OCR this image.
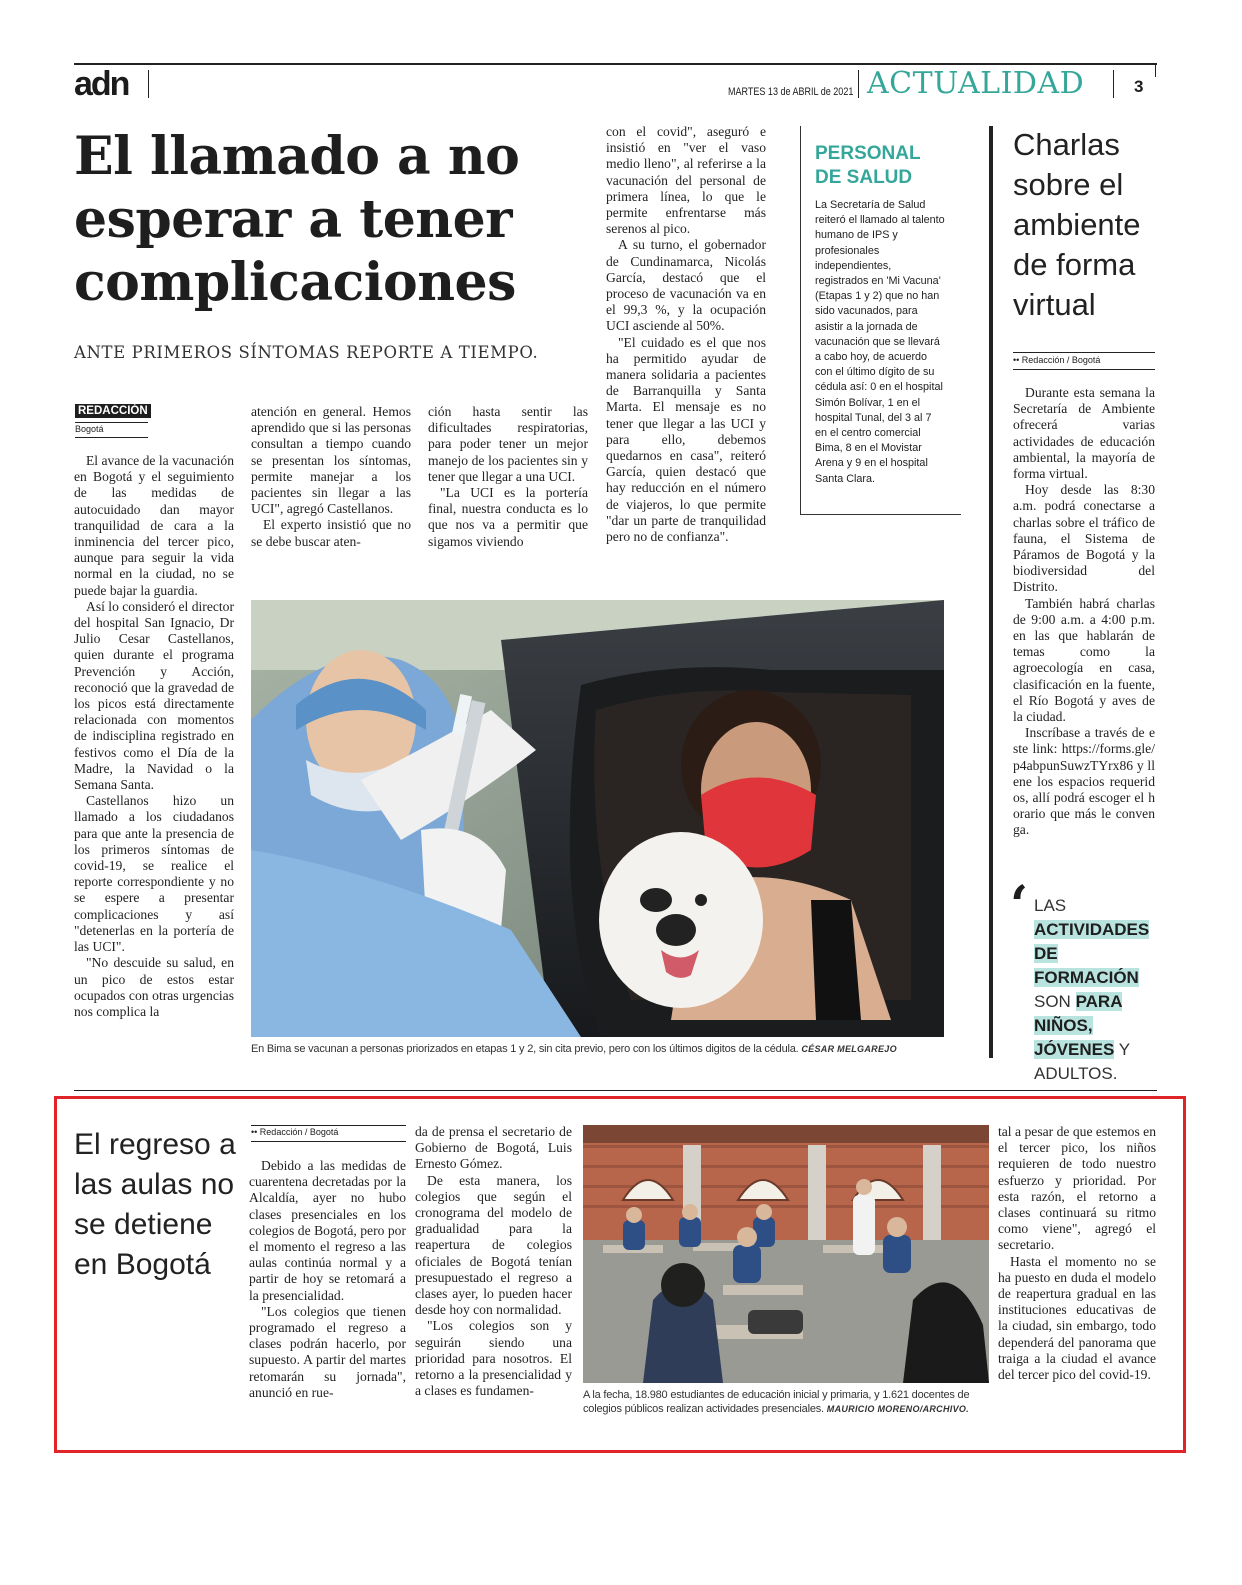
adn	MARTES 13 de ABRIL de 2021 ACTUALIDAD	3
El llamado a no esperar a tener complicaciones
ANTE PRIMEROS SÍNTOMAS REPORTE A TIEMPO.
REDACCIÓN
Bogotá

El avance de la vacunación en Bogotá y el seguimiento de las medidas de autocuidado dan mayor tranquilidad de cara a la inminencia del tercer pico, aunque para seguir la vida normal en la ciudad, no se puede bajar la guardia.

Así lo consideró el director del hospital San Ignacio, Dr Julio Cesar Castellanos, quien durante el programa Prevención y Acción, reconoció que la gravedad de los picos está directamente relacionada con momentos de indisciplina registrado en festivos como el Día de la Madre, la Navidad o la Semana Santa.

Castellanos hizo un llamado a los ciudadanos para que ante la presencia de los primeros síntomas de covid-19, se realice el reporte correspondiente y no se espere a presentar complicaciones y así "detenerlas en la portería de las UCI".

"No descuide su salud, en un pico de estos estar ocupados con otras urgencias nos complica la

atención en general. Hemos aprendido que si las personas consultan a tiempo cuando se presentan los síntomas, permite manejar a los pacientes sin llegar a las UCI", agregó Castellanos.

El experto insistió que no se debe buscar aten-

ción hasta sentir las dificultades respiratorias, para poder tener un mejor manejo de los pacientes sin y tener que llegar a una UCI.

"La UCI es la portería final, nuestra conducta es lo que nos va a permitir que sigamos viviendo

con el covid", aseguró e insistió en "ver el vaso medio lleno", al referirse a la vacunación del personal de primera línea, lo que le permite enfrentarse más serenos al pico.

A su turno, el gobernador de Cundinamarca, Nicolás García, destacó que el proceso de vacunación va en el 99,3 %, y la ocupación UCI asciende al 50%.

"El cuidado es el que nos ha permitido ayudar de manera solidaria a pacientes de Barranquilla y Santa Marta. El mensaje es no tener que llegar a las UCI y para ello, debemos quedarnos en casa", reiteró García, quien destacó que hay reducción en el número de viajeros, lo que permite "dar un parte de tranquilidad pero no de confianza".

PERSONAL
DE SALUD
La Secretaría de Salud reiteró el llamado al talento humano de IPS y profesionales independientes, registrados en 'Mi Vacuna' (Etapas 1 y 2) que no han sido vacunados, para asistir a la jornada de vacunación que se llevará a cabo hoy, de acuerdo con el último dígito de su cédula así: 0 en el hospital Simón Bolívar, 1 en el hospital Tunal, del 3 al 7 en el centro comercial Bima, 8 en el Movistar Arena y 9 en el hospital Santa Clara.
Charlas sobre el ambiente de forma virtual
•• Redacción / Bogotá

Durante esta semana la Secretaría de Ambiente ofrecerá varias actividades de educación ambiental, la mayoría de forma virtual.

Hoy desde las 8:30 a.m. podrá conectarse a charlas sobre el tráfico de fauna, el Sistema de Páramos de Bogotá y la biodiversidad del Distrito.

También habrá charlas de 9:00 a.m. a 4:00 p.m. en las que hablarán de temas como la agroecología en casa, clasificación en la fuente, el Río Bogotá y aves de la ciudad.

Inscríbase a través de este link: https://forms.gle/p4abpunSuwzTYrx86 y llene los espacios requeridos, allí podrá escoger el horario que más le convenga.

‘ LAS ACTIVIDADES DE FORMACIÓN SON PARA NIÑOS, JÓVENES Y ADULTOS.
En Bima se vacunan a personas priorizados en etapas 1 y 2, sin cita previo, pero con los últimos digitos de la cédula. CÉSAR MELGAREJO
El regreso a las aulas no se detiene en Bogotá
•• Redacción / Bogotá

Debido a las medidas de cuarentena decretadas por la Alcaldía, ayer no hubo clases presenciales en los colegios de Bogotá, pero por el momento el regreso a las aulas continúa normal y a partir de hoy se retomará a la presencialidad.

"Los colegios que tienen programado el regreso a clases podrán hacerlo, por supuesto. A partir del martes retomarán su jornada", anunció en rue-

da de prensa el secretario de Gobierno de Bogotá, Luis Ernesto Gómez.

De esta manera, los colegios que según el cronograma del modelo de gradualidad para la reapertura de colegios oficiales de Bogotá tenían presupuestado el regreso a clases ayer, lo pueden hacer desde hoy con normalidad.

"Los colegios son y seguirán siendo una prioridad para nosotros. El retorno a la presencialidad y a clases es fundamen-	A la fecha, 18.980 estudiantes de educación inicial y primaria, y 1.621 docentes de colegios públicos realizan actividades presenciales. MAURICIO MORENO/ARCHIVO.

tal a pesar de que estemos en el tercer pico, los niños requieren de todo nuestro esfuerzo y prioridad. Por esta razón, el retorno a clases continuará su ritmo como viene", agregó el secretario.

Hasta el momento no se ha puesto en duda el modelo de reapertura gradual en las instituciones educativas de la ciudad, sin embargo, todo dependerá del panorama que traiga a la ciudad el avance del tercer pico del covid-19.
